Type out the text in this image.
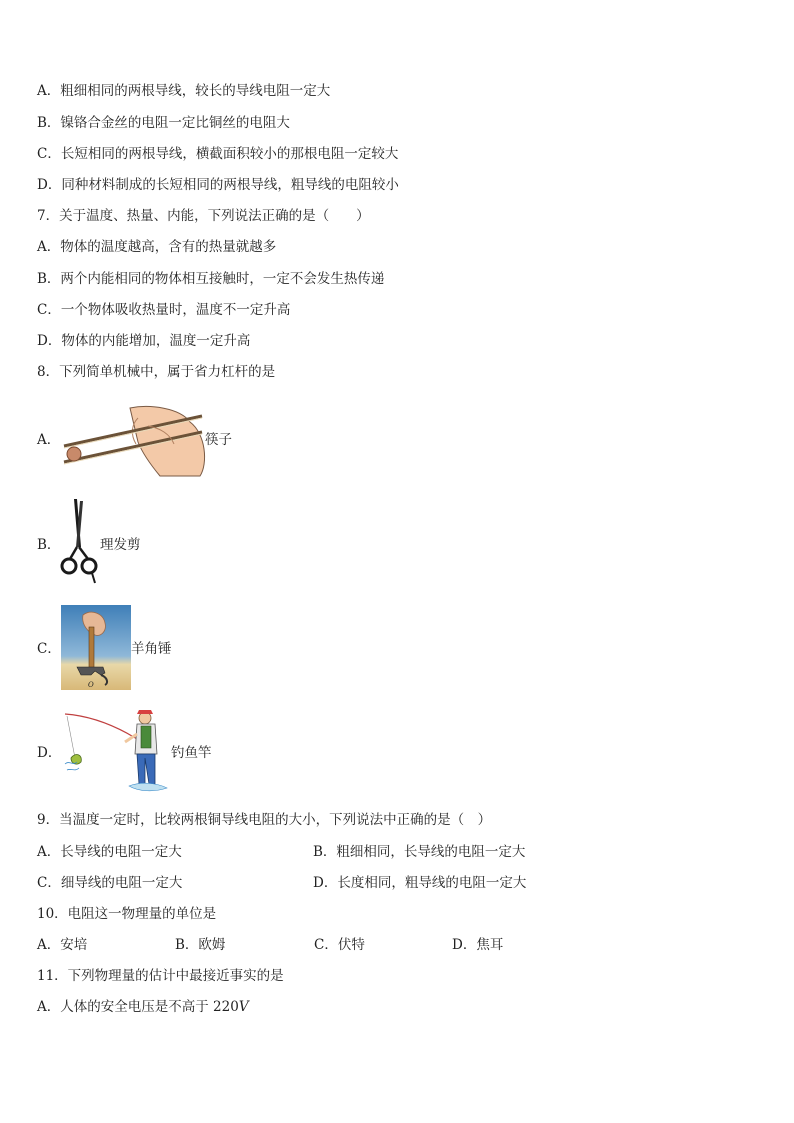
A．粗细相同的两根导线，较长的导线电阻一定大
B．镍铬合金丝的电阻一定比铜丝的电阻大
C．长短相同的两根导线，横截面积较小的那根电阻一定较大
D．同种材料制成的长短相同的两根导线，粗导线的电阻较小
7．关于温度、热量、内能，下列说法正确的是（　　）
A．物体的温度越高，含有的热量就越多
B．两个内能相同的物体相互接触时，一定不会发生热传递
C．一个物体吸收热量时，温度不一定升高
D．物体的内能增加，温度一定升高
8．下列简单机械中，属于省力杠杆的是
A．	筷子
B．	理发剪
C．
O
羊角锤
D．	钓鱼竿
9．当温度一定时，比较两根铜导线电阻的大小，下列说法中正确的是（　）
A．长导线的电阻一定大	B．粗细相同，长导线的电阻一定大
C．细导线的电阻一定大	D．长度相同，粗导线的电阻一定大
10．电阻这一物理量的单位是
A．安培	B．欧姆	C．伏特	D．焦耳
11．下列物理量的估计中最接近事实的是
A．人体的安全电压是不高于 220V
